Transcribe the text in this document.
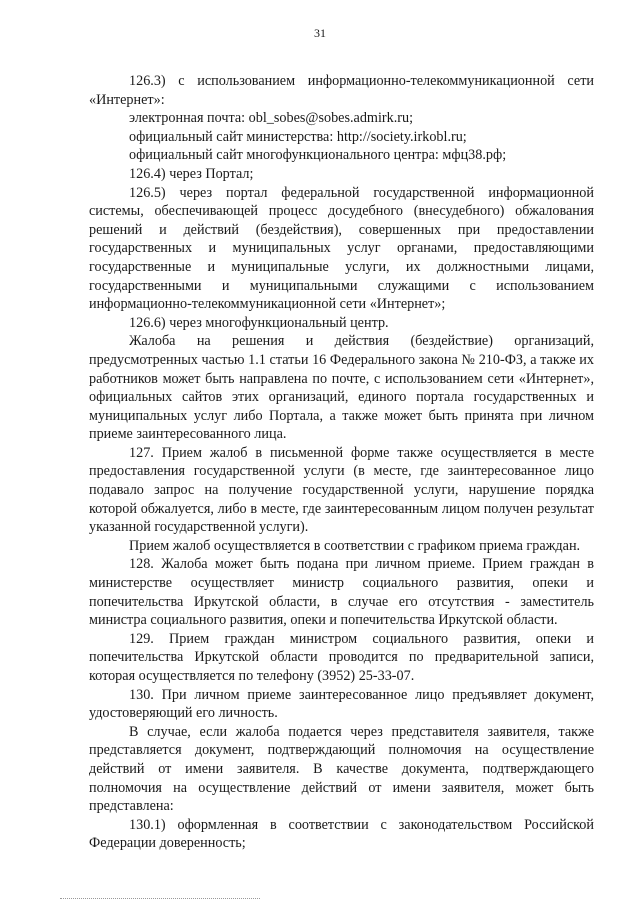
31

126.3) с использованием информационно-телекоммуникационной сети «Интернет»:

электронная почта: obl_sobes@sobes.admirk.ru;

официальный сайт министерства: http://society.irkobl.ru;

официальный сайт многофункционального центра: мфц38.рф;

126.4) через Портал;

126.5) через портал федеральной государственной информационной системы, обеспечивающей процесс досудебного (внесудебного) обжалования решений и действий (бездействия), совершенных при предоставлении государственных и муниципальных услуг органами, предоставляющими государственные и муниципальные услуги, их должностными лицами, государственными и муниципальными служащими с использованием информационно-телекоммуникационной сети «Интернет»;

126.6) через многофункциональный центр.

Жалоба на решения и действия (бездействие) организаций, предусмотренных частью 1.1 статьи 16 Федерального закона № 210-ФЗ, а также их работников может быть направлена по почте, с использованием сети «Интернет», официальных сайтов этих организаций, единого портала государственных и муниципальных услуг либо Портала, а также может быть принята при личном приеме заинтересованного лица.

127. Прием жалоб в письменной форме также осуществляется в месте предоставления государственной услуги (в месте, где заинтересованное лицо подавало запрос на получение государственной услуги, нарушение порядка которой обжалуется, либо в месте, где заинтересованным лицом получен результат указанной государственной услуги).

Прием жалоб осуществляется в соответствии с графиком приема граждан.

128. Жалоба может быть подана при личном приеме. Прием граждан в министерстве осуществляет министр социального развития, опеки и попечительства Иркутской области, в случае его отсутствия - заместитель министра социального развития, опеки и попечительства Иркутской области.

129. Прием граждан министром социального развития, опеки и попечительства Иркутской области проводится по предварительной записи, которая осуществляется по телефону (3952) 25-33-07.

130. При личном приеме заинтересованное лицо предъявляет документ, удостоверяющий его личность.

В случае, если жалоба подается через представителя заявителя, также представляется документ, подтверждающий полномочия на осуществление действий от имени заявителя. В качестве документа, подтверждающего полномочия на осуществление действий от имени заявителя, может быть представлена:

130.1) оформленная в соответствии с законодательством Российской Федерации доверенность;
